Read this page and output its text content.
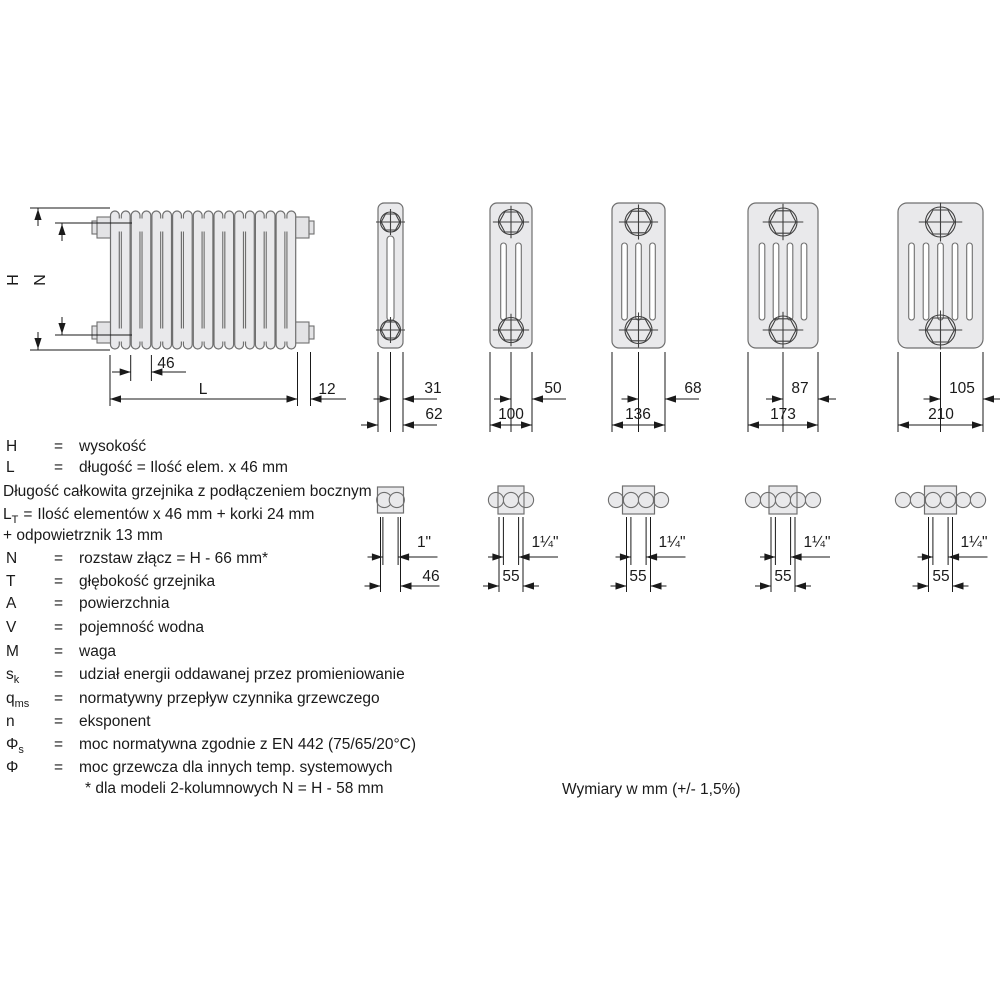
H N
46
L	12	31	50	68	87	105
62	100	136	173	210
1"	1¼"	1¼"	1¼"	1¼"
46	55	55	55	55
H = wysokość
L	= długość = Ilość elem. x 46 mm
Długość całkowita grzejnika z podłączeniem bocznym
$L_T$ = Ilość elementów x 46 mm + korki 24 mm
+ odpowietrznik 13 mm
N = rozstaw złącz = H - 66 mm*
T = głębokość grzejnika
A = powierzchnia
V = pojemność wodna
M = waga
$s_k$ = udział energii oddawanej przez promieniowanie
$q_{ms}$ = normatywny przepływ czynnika grzewczego
n	= eksponent
$\Phi_s$ = moc normatywna zgodnie z EN 442 (75/65/20°C)
Φ = moc grzewcza dla innych temp. systemowych
* dla modeli 2-kolumnowych N = H - 58 mm	Wymiary w mm (+/- 1,5%)
